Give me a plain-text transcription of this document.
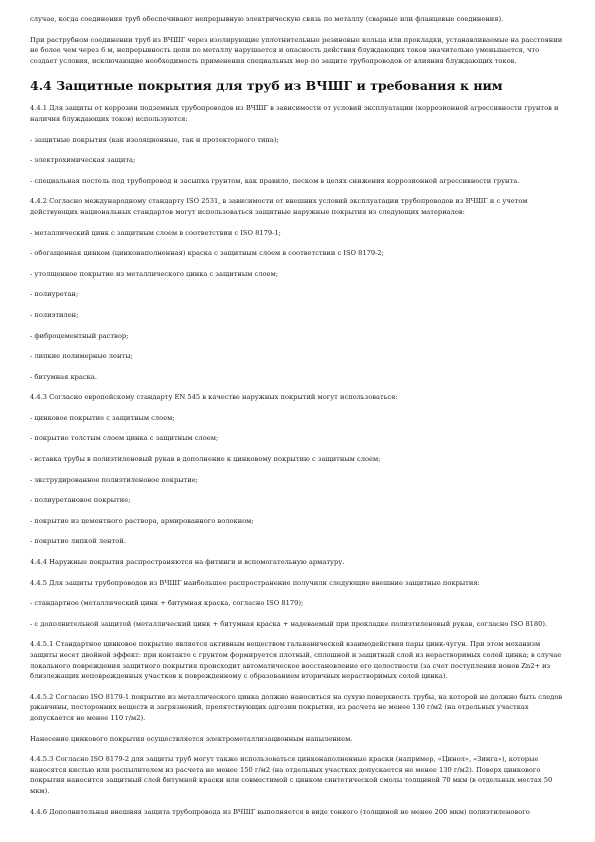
случае, когда соединения труб обеспечивают непрерывную электрическую связь по металлу (сварные или фланцевые соединения).

При раструбном соединении труб из ВЧШГ через изолирующие уплотнительные резиновые кольца или прокладки, устанавливаемые на расстоянии не более чем через 6 м, непрерывность цепи по металлу нарушается и опасность действия блуждающих токов значительно уменьшается, что создает условия, исключающие необходимость применения специальных мер по защите трубопроводов от влияния блуждающих токов.

4.4 Защитные покрытия для труб из ВЧШГ и требования к ним

4.4.1 Для защиты от коррозии подземных трубопроводов из ВЧШГ в зависимости от условий эксплуатации (коррозионной агрессивности грунтов и наличия блуждающих токов) используются:

- защитные покрытия (как изоляционные, так и протекторного типа);

- электрохимическая защита;

- специальная постель под трубопровод и засыпка грунтом, как правило, песком в целях снижения коррозионной агрессивности грунта.

4.4.2 Согласно международному стандарту ISO 2531, в зависимости от внешних условий эксплуатации трубопроводов из ВЧШГ и с учетом действующих национальных стандартов могут использоваться защитные наружные покрытия из следующих материалов:

- металлический цинк с защитным слоем в соответствии с ISO 8179-1;

- обогащенная цинком (цинконаполненная) краска с защитным слоем в соответствии с ISO 8179-2;

- утолщенное покрытие из металлического цинка с защитным слоем;

- полиуретан;

- полиэтилен;

- фиброцементный раствор;

- липкие полимерные ленты;

- битумная краска.

4.4.3 Согласно европейскому стандарту EN 545 в качестве наружных покрытий могут использоваться:

- цинковое покрытие с защитным слоем;

- покрытие толстым слоем цинка с защитным слоем;

- вставка трубы в полиэтиленовый рукав в дополнение к цинковому покрытию с защитным слоем;

- экструдированное полиэтиленовое покрытие;

- полиуретановое покрытие;

- покрытие из цементного раствора, армированного волокном;

- покрытие липкой лентой.

4.4.4 Наружные покрытия распространяются на фитинги и вспомогательную арматуру.

4.4.5 Для защиты трубопроводов из ВЧШГ наибольшее распространение получили следующие внешние защитные покрытия:

- стандартное (металлический цинк + битумная краска, согласно ISO 8179);

- с дополнительной защитой (металлический цинк + битумная краска + надеваемый при прокладке полиэтиленовый рукав, согласно ISO 8180).

4.4.5.1 Стандартное цинковое покрытие является активным веществом гальванической взаимодействия пары цинк-чугун. При этом механизм защиты несет двойной эффект: при контакте с грунтом формируется плотный, сплошной и защитный слой из нерастворимых солей цинка; в случае локального повреждения защитного покрытия происходит автоматическое восстановление его целостности (за счет поступления ионов Zn2+ из близлежащих неповрежденных участков к поврежденному с образованием вторичных нерастворимых солей цинка).

4.4.5.2 Согласно ISO 8179-1 покрытие из металлического цинка должно наноситься на сухую поверхность трубы, на которой не должно быть следов ржавчины, посторонних веществ и загрязнений, препятствующих адгезии покрытия, из расчета не менее 130 г/м2 (на отдельных участках допускается не менее 110 г/м2).

Нанесение цинкового покрытия осуществляется электрометаллизационным напылением.

4.4.5.3 Согласно ISO 8179-2 для защиты труб могут также использоваться цинконаполненные краски (например, «Цинол», «Зинга»), которые наносятся кистью или распылителем из расчета не менее 150 г/м2 (на отдельных участках допускается не менее 130 г/м2). Поверх цинкового покрытия наносится защитный слой битумной краски или совместимой с цинком синтетической смолы толщиной 70 мкм (в отдельных местах 50 мкм).

4.4.6 Дополнительная внешняя защита трубопровода из ВЧШГ выполняется в виде тонкого (толщиной не менее 200 мкм) полиэтиленового
